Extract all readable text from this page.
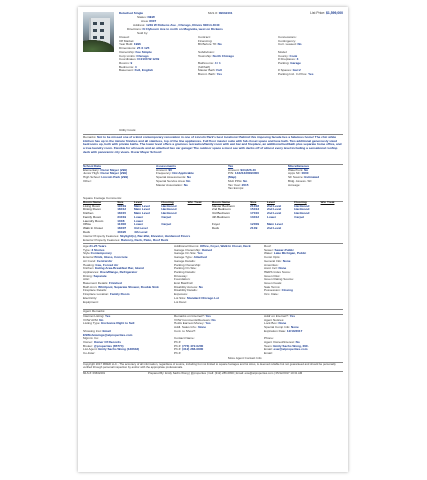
Detached Single	MLS #: 09632401	List Price: $1,599,000
Status: NEW
Area: 8007
Address: 1249 W Dickens Ave , Chicago, Illinois 60614-4040
Directions: N Clybourn Ave to north on Magnolia, west on Dickens
Sold by:
Closed:
Off Market:
Year Built: 1996
Dimensions: 25 X 125
Ownership: Fee Simple
Corp Limits: Chicago
Coordinates: N:2100 W:1249
Rooms: 9
Bedrooms: 4
Basement: Full, English
Contract:
Financing:
Blt Before 78: No

Subdivision:
Township: North Chicago

Bathrooms: 4 / 1
(full/half)
Master Bath: Full
Bsmnt. Bath: Yes
Concessions:
Contingency:
Curr. Leased: No

Model:
County: Cook
# Fireplaces: 3
Parking: Garage

# Spaces: Gar:2
Parking Incl. In Price: Yes
Utility Costs:
Remarks: Not to be missed one of a kind contemporary renovation in one of Lincoln Park's best locations! Behind this imposing facade lies a fabulous home! The chic white kitchen has up to the minute finishes and all stainless, top of the line appliances. Full floor master suite with fab closet space and luxe bath. Two additional generously sized bedrooms up, both with private baths. The lower level offers a gracious recreation/family room with wet bar and fireplace, an additional bed/bath plus separate home office, and a true laundry room. Flexible for all needs and an attached two car garage! The outdoor space a must see with decks off of almost every level including a sensational rooftop deck with panoramic city views. Oscar Mayer School!
School Data
Elementary: Oscar Mayer (299)
Junior High: Oscar Mayer (299)
High School: Lincoln Park (299)
Other:
Assessments
Amount: $0
Frequency: Not Applicable
Special Assessments: No
Special Service Area: No
Master Association: No
Tax
Amount: $34,826.40
PIN: 14321330090000
(Map)
Mult PINs: No
Tax Year: 2015
Tax Exmps:
Miscellaneous
Waterfront: No
Appx SF: 0000
SF Source: Estimated
Bldg. Assess. SF:
Acreage:
Square Footage Comments:
Room Name	Size	Level	Flooring	Win Treat	Room Name	Size	Level	Flooring	Win Treat
Living Room	19X19	Main Level	Hardwood		Master Bedroom	21X18	2nd Level	Hardwood	
Dining Room	18X12	Main Level	Hardwood		2nd Bedroom	15X13	2nd Level	Hardwood	
Kitchen	18X15	Main Level	Hardwood		3rd Bedroom	17X10	2nd Level	Hardwood	
Family Room	34X19	Lower	Carpet		4th Bedroom	13X12	Lower	Carpet	
Laundry Room	10X8	Lower							
Office	11X08	Lower	Carpet		Foyer	12X09	Main Level		
Walk In Closet	18X07	3rd Level			Deck	21X9	2nd Level		
Deck	40X20	4th Level							
Interior Property Features: Skylight(s), Bar-Wet, Elevator, Hardwood Floors
Exterior Property Features: Balcony, Deck, Patio, Roof Deck
Age:21-25 Years
Type: 3 Stories
Style:Contemporary
Exterior:Brick, Glass, Concrete
Air Cond: Central Air
Heating: Gas, Forced Air
Kitchen: Eating Area-Breakfast Bar, Island
Appliances: Oven/Range, Refrigerator
Dining: Separate
Attic:
Basement Details: Finished
Bath Amn: Whirlpool, Separate Shower, Double Sink
Fireplace Details:
Fireplace Location: Family Room
Electricity:
Equipment:
Additional Rooms: Office, Foyer, Walk In Closet, Deck
Garage Ownership: Owned
Garage On Site: Yes
Garage Type: Attached
Garage Details:
Parking Ownership:
Parking On Site:
Parking Details:
Driveway:
Foundation:
Exst Bas/Fnd:
Disability Access: No
Disability Details:
Exposure:
Lot Size: Standard Chicago Lot
Lot Desc:
Roof:
Sewer: Sewer-Public
Water: Lake Michigan, Public
Const Opts:
General Info: None
Amenities:
Asmt Incl: None
HERS Index Score:
Green Disc:
Green Rating Source:
Green Feats:
Sale Terms:
Possession: Closing
Occ. Date:
Agent Remarks:
Internet Listing: Yes
VOW AVM: No
Listing Type: Exclusive Right to Sell

Showing Inst: Email
ESWshowings@atproperties.com
Mgmnt. Co:
Owner: Owner Of Records
Broker: @properties (85774)
List Agent: Emily Sachs Wong (128632)
Co-lister:
Remarks on Internet?: Yes
VOW Comments/Reviews: No
Holds Earnest Money: Yes
Addl. Sales Info.: None
Cont. to Show?:

Contact Name:
Ph #:
Ph #: (773) 472-0200
Ph #: (312) 286-0800
Ph #:
Addr on Internet?: Yes
Agent Notices:
Lock Box: None
Special Comp Info: None
Expiration Date: 12/10/2017

Phone:
Agent Owned/Interest: No
Team: Emily Sachs Wong, INC.
Email: esw@atproperties.com
Email:
More Agent Contact Info:
Copyright 2017 MRED LLC - The accuracy of all information, regardless of source, including but not limited to square footages and lot sizes, is deemed reliable but not guaranteed and should be personally verified through personal inspection by and/or with the appropriate professionals.
MLS #: 09632401	Prepared By: Emily Sachs Wong | @properties | Cell: (312) 286-0800 | Email: esw@atproperties.com | 05/12/2017 10:31 AM
